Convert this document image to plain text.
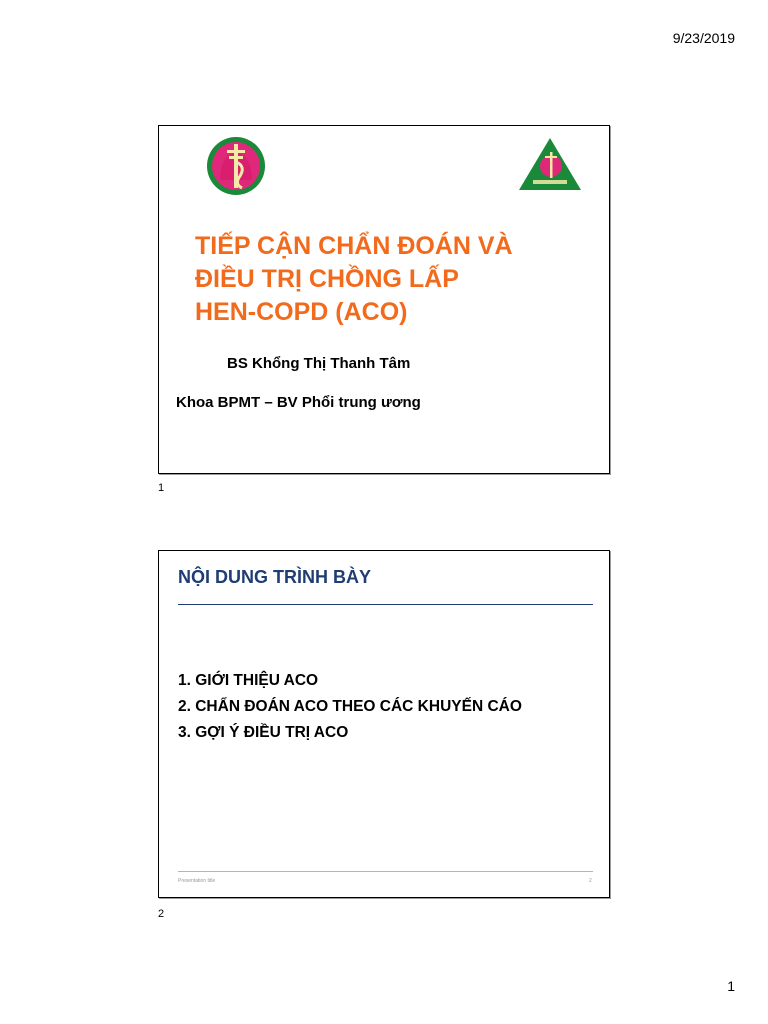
9/23/2019
TIẾP CẬN CHẨN ĐOÁN VÀ
ĐIỀU TRỊ CHỒNG LẤP
HEN-COPD (ACO)
BS Khổng Thị Thanh Tâm
Khoa BPMT – BV Phổi trung ương
1
NỘI DUNG TRÌNH BÀY
1. GIỚI THIỆU ACO
2. CHẨN ĐOÁN ACO THEO CÁC KHUYẾN CÁO
3. GỢI Ý ĐIỀU TRỊ ACO
Presentation title	2
2
1
